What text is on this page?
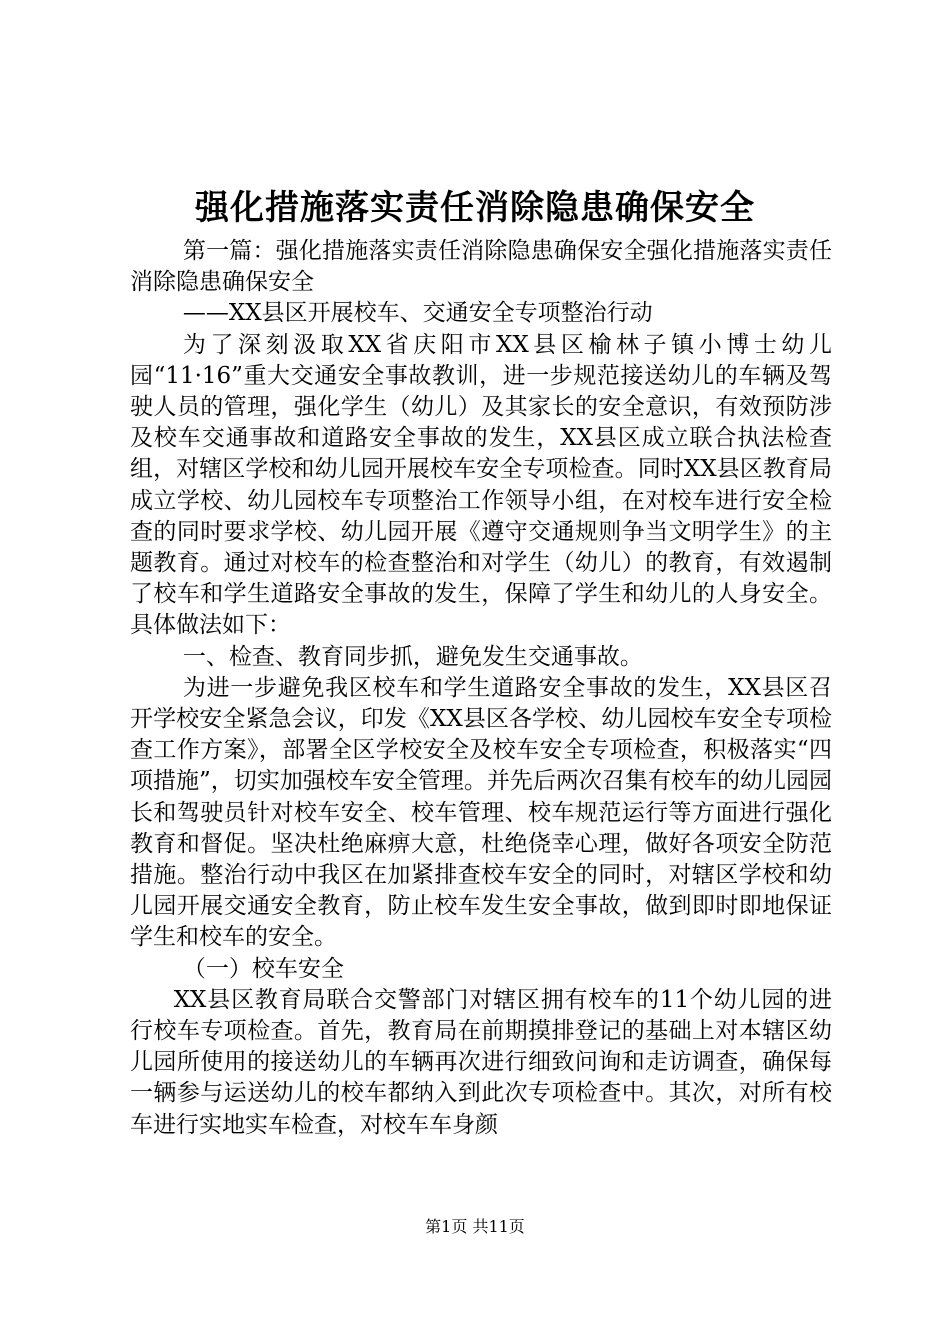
强化措施落实责任消除隐患确保安全

第一篇：强化措施落实责任消除隐患确保安全强化措施落实责任消除隐患确保安全

——XX县区开展校车、交通安全专项整治行动

为了深刻汲取XX省庆阳市XX县区榆林子镇小博士幼儿园“11·16”重大交通安全事故教训，进一步规范接送幼儿的车辆及驾驶人员的管理，强化学生（幼儿）及其家长的安全意识，有效预防涉及校车交通事故和道路安全事故的发生，XX县区成立联合执法检查组，对辖区学校和幼儿园开展校车安全专项检查。同时XX县区教育局成立学校、幼儿园校车专项整治工作领导小组，在对校车进行安全检查的同时要求学校、幼儿园开展《遵守交通规则争当文明学生》的主题教育。通过对校车的检查整治和对学生（幼儿）的教育，有效遏制了校车和学生道路安全事故的发生，保障了学生和幼儿的人身安全。具体做法如下：

一、检查、教育同步抓，避免发生交通事故。

为进一步避免我区校车和学生道路安全事故的发生，XX县区召开学校安全紧急会议，印发《XX县区各学校、幼儿园校车安全专项检查工作方案》，部署全区学校安全及校车安全专项检查，积极落实“四项措施”，切实加强校车安全管理。并先后两次召集有校车的幼儿园园长和驾驶员针对校车安全、校车管理、校车规范运行等方面进行强化教育和督促。坚决杜绝麻痹大意，杜绝侥幸心理，做好各项安全防范措施。整治行动中我区在加紧排查校车安全的同时，对辖区学校和幼儿园开展交通安全教育，防止校车发生安全事故，做到即时即地保证学生和校车的安全。

（一）校车安全

XX县区教育局联合交警部门对辖区拥有校车的11个幼儿园的进行校车专项检查。首先，教育局在前期摸排登记的基础上对本辖区幼儿园所使用的接送幼儿的车辆再次进行细致问询和走访调查，确保每一辆参与运送幼儿的校车都纳入到此次专项检查中。其次，对所有校车进行实地实车检查，对校车车身颜

第1页 共11页
